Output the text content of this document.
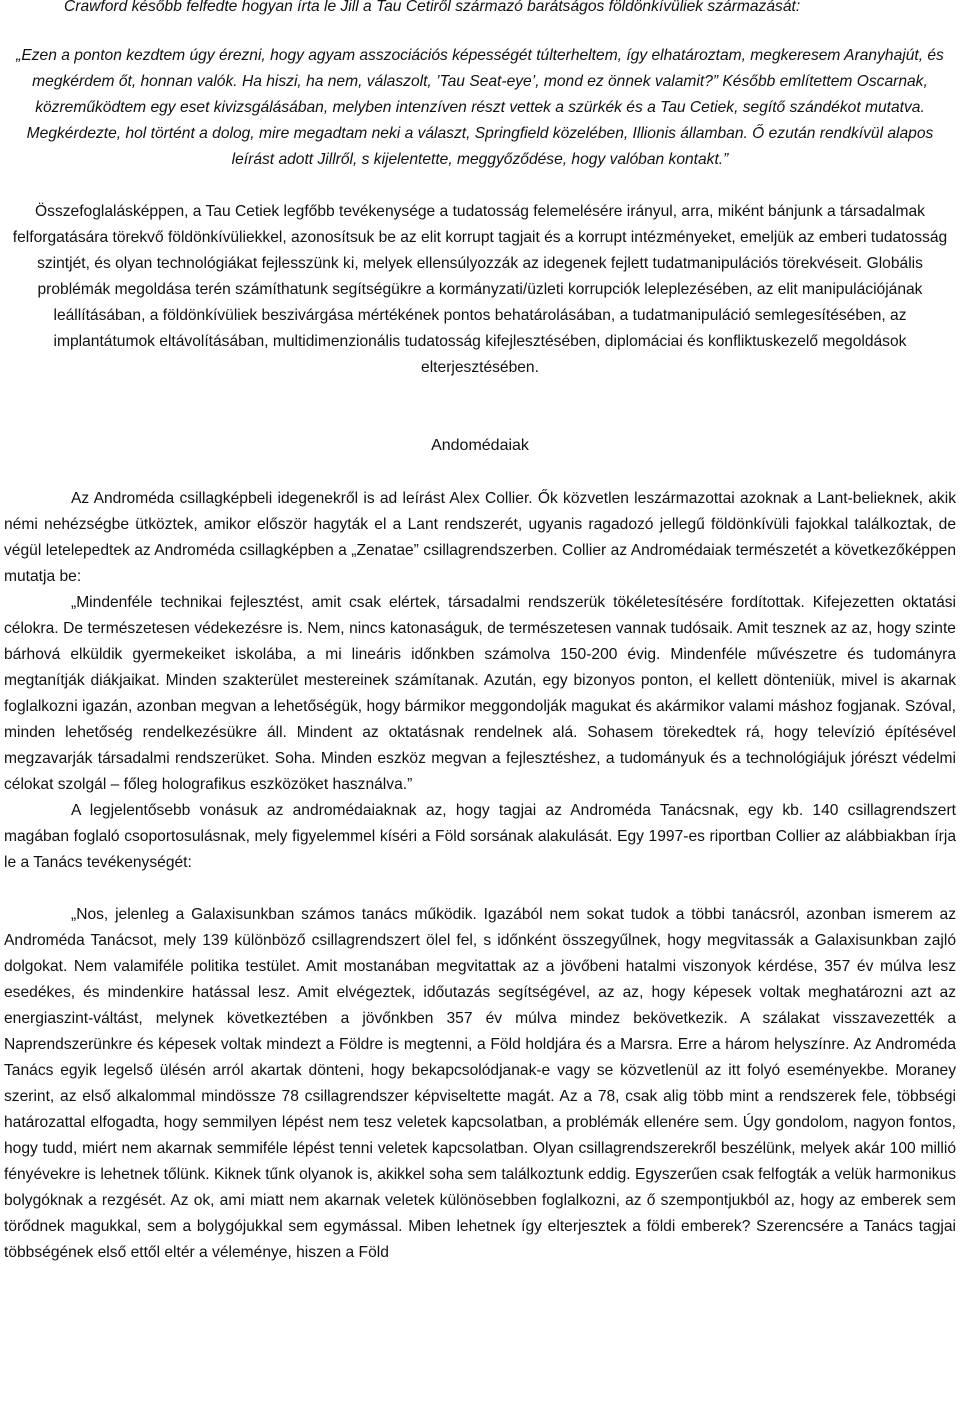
Crawford később felfedte hogyan írta le Jill a Tau Cetiről származó barátságos földönkívüliek származását:

„Ezen a ponton kezdtem úgy érezni, hogy agyam asszociációs képességét túlterheltem, így elhatároztam, megkeresem Aranyhajút, és megkérdem őt, honnan valók. Ha hiszi, ha nem, válaszolt, ’Tau Seat-eye’, mond ez önnek valamit?” Később említettem Oscarnak, közreműködtem egy eset kivizsgálásában, melyben intenzíven részt vettek a szürkék és a Tau Cetiek, segítő szándékot mutatva. Megkérdezte, hol történt a dolog, mire megadtam neki a választ, Springfield közelében, Illionis államban. Ő ezután rendkívül alapos leírást adott Jillről, s kijelentette, meggyőződése, hogy valóban kontakt.”

Összefoglalásképpen, a Tau Cetiek legfőbb tevékenysége a tudatosság felemelésére irányul, arra, miként bánjunk a társadalmak felforgatására törekvő földönkívüliekkel, azonosítsuk be az elit korrupt tagjait és a korrupt intézményeket, emeljük az emberi tudatosság szintjét, és olyan technológiákat fejlesszünk ki, melyek ellensúlyozzák az idegenek fejlett tudatmanipulációs törekvéseit. Globális problémák megoldása terén számíthatunk segítségükre a kormányzati/üzleti korrupciók leleplezésében, az elit manipulációjának leállításában, a földönkívüliek beszivárgása mértékének pontos behatárolásában, a tudatmanipuláció semlegesítésében, az implantátumok eltávolításában, multidimenzionális tudatosság kifejlesztésében, diplomáciai és konfliktuskezelő megoldások elterjesztésében.

Andomédaiak

Az Androméda csillagképbeli idegenekről is ad leírást Alex Collier. Ők közvetlen leszármazottai azoknak a Lant-belieknek, akik némi nehézségbe ütköztek, amikor először hagyták el a Lant rendszerét, ugyanis ragadozó jellegű földönkívüli fajokkal találkoztak, de végül letelepedtek az Androméda csillagképben a „Zenatae” csillagrendszerben. Collier az Andromédaiak természetét a következőképpen mutatja be:

„Mindenféle technikai fejlesztést, amit csak elértek, társadalmi rendszerük tökéletesítésére fordítottak. Kifejezetten oktatási célokra. De természetesen védekezésre is. Nem, nincs katonaságuk, de természetesen vannak tudósaik. Amit tesznek az az, hogy szinte bárhová elküldik gyermekeiket iskolába, a mi lineáris időnkben számolva 150-200 évig. Mindenféle művészetre és tudományra megtanítják diákjaikat. Minden szakterület mestereinek számítanak. Azután, egy bizonyos ponton, el kellett dönteniük, mivel is akarnak foglalkozni igazán, azonban megvan a lehetőségük, hogy bármikor meggondolják magukat és akármikor valami máshoz fogjanak. Szóval, minden lehetőség rendelkezésükre áll. Mindent az oktatásnak rendelnek alá. Sohasem törekedtek rá, hogy televízió építésével megzavarják társadalmi rendszerüket. Soha. Minden eszköz megvan a fejlesztéshez, a tudományuk és a technológiájuk jórészt védelmi célokat szolgál – főleg holografikus eszközöket használva.”

A legjelentősebb vonásuk az andromédaiaknak az, hogy tagjai az Androméda Tanácsnak, egy kb. 140 csillagrendszert magában foglaló csoportosulásnak, mely figyelemmel kíséri a Föld sorsának alakulását. Egy 1997-es riportban Collier az alábbiakban írja le a Tanács tevékenységét:

„Nos, jelenleg a Galaxisunkban számos tanács működik. Igazából nem sokat tudok a többi tanácsról, azonban ismerem az Androméda Tanácsot, mely 139 különböző csillagrendszert ölel fel, s időnként összegyűlnek, hogy megvitassák a Galaxisunkban zajló dolgokat. Nem valamiféle politika testület. Amit mostanában megvitattak az a jövőbeni hatalmi viszonyok kérdése, 357 év múlva lesz esedékes, és mindenkire hatással lesz. Amit elvégeztek, időutazás segítségével, az az, hogy képesek voltak meghatározni azt az energiaszint-váltást, melynek következtében a jövőnkben 357 év múlva mindez bekövetkezik. A szálakat visszavezették a Naprendszerünkre és képesek voltak mindezt a Földre is megtenni, a Föld holdjára és a Marsra. Erre a három helyszínre. Az Androméda Tanács egyik legelső ülésén arról akartak dönteni, hogy bekapcsolódjanak-e vagy se közvetlenül az itt folyó eseményekbe. Moraney szerint, az első alkalommal mindössze 78 csillagrendszer képviseltette magát. Az a 78, csak alig több mint a rendszerek fele, többségi határozattal elfogadta, hogy semmilyen lépést nem tesz veletek kapcsolatban, a problémák ellenére sem. Úgy gondolom, nagyon fontos, hogy tudd, miért nem akarnak semmiféle lépést tenni veletek kapcsolatban. Olyan csillagrendszerekről beszélünk, melyek akár 100 millió fényévekre is lehetnek tőlünk. Kiknek tűnk olyanok is, akikkel soha sem találkoztunk eddig. Egyszerűen csak felfogták a velük harmonikus bolygóknak a rezgését. Az ok, ami miatt nem akarnak veletek különösebben foglalkozni, az ő szempontjukból az, hogy az emberek sem törődnek magukkal, sem a bolygójukkal sem egymással. Miben lehetnek így elterjesztek a földi emberek? Szerencsére a Tanács tagjai többségének első ettől eltér a véleménye, hiszen a Föld
